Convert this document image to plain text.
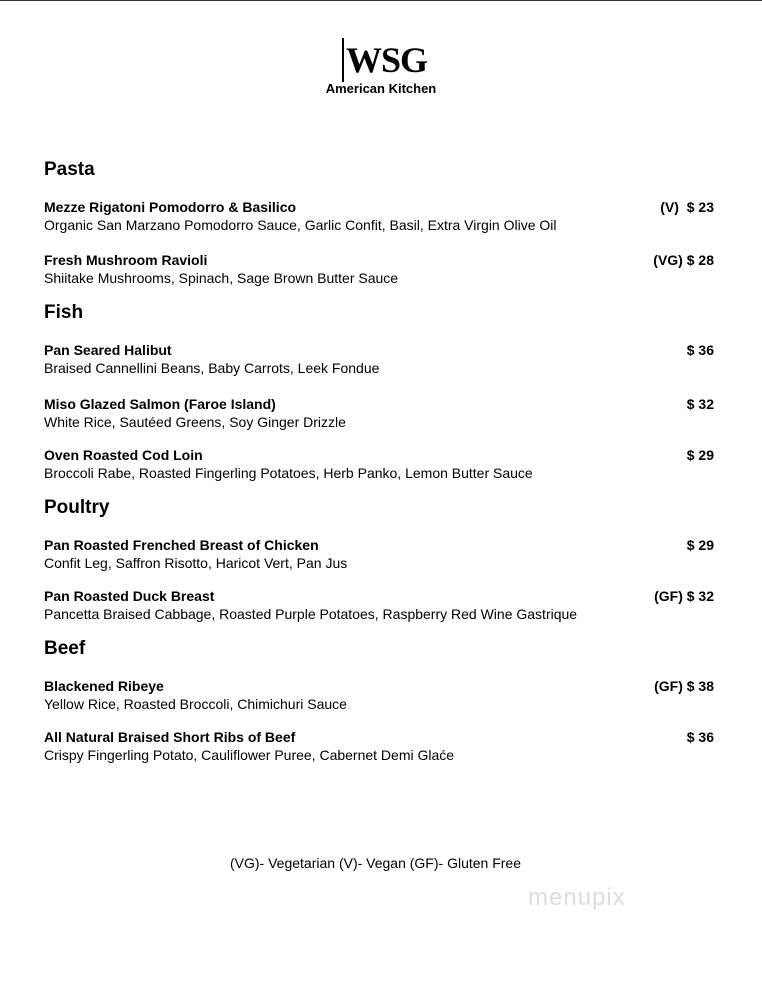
WSG
American Kitchen
Pasta
Mezze Rigatoni Pomodorro & Basilico
Organic San Marzano Pomodorro Sauce, Garlic Confit, Basil, Extra Virgin Olive Oil
(V)  $ 23
Fresh Mushroom Ravioli
Shiitake Mushrooms, Spinach, Sage Brown Butter Sauce
(VG) $ 28
Fish
Pan Seared Halibut
Braised Cannellini Beans, Baby Carrots, Leek Fondue
$ 36
Miso Glazed Salmon (Faroe Island)
White Rice, Sautéed Greens, Soy Ginger Drizzle
$ 32
Oven Roasted Cod Loin
Broccoli Rabe, Roasted Fingerling Potatoes, Herb Panko, Lemon Butter Sauce
$ 29
Poultry
Pan Roasted Frenched Breast of Chicken
Confit Leg, Saffron Risotto, Haricot Vert, Pan Jus
$ 29
Pan Roasted Duck Breast
Pancetta Braised Cabbage, Roasted Purple Potatoes, Raspberry Red Wine Gastrique
(GF) $ 32
Beef
Blackened Ribeye
Yellow Rice, Roasted Broccoli, Chimichuri Sauce
(GF) $ 38
All Natural Braised Short Ribs of Beef
Crispy Fingerling Potato, Cauliflower Puree, Cabernet Demi Glaće
$ 36
(VG)- Vegetarian (V)- Vegan (GF)- Gluten Free
menupix
